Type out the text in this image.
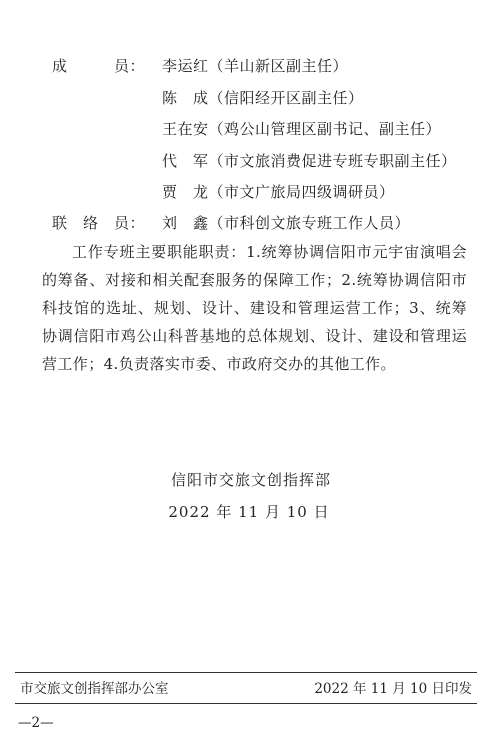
成　　　员： 李运红（羊山新区副主任）
陈　成（信阳经开区副主任）
王在安（鸡公山管理区副书记、副主任）
代　军（市文旅消费促进专班专职副主任）
贾　龙（市文广旅局四级调研员）
联　络　员： 刘　鑫（市科创文旅专班工作人员）
工作专班主要职能职责：1.统筹协调信阳市元宇宙演唱会的筹备、对接和相关配套服务的保障工作；2.统筹协调信阳市科技馆的选址、规划、设计、建设和管理运营工作；3、统筹协调信阳市鸡公山科普基地的总体规划、设计、建设和管理运营工作；4.负责落实市委、市政府交办的其他工作。
信阳市交旅文创指挥部
2022 年 11 月 10 日
市交旅文创指挥部办公室	2022 年 11 月 10 日印发
—2—
